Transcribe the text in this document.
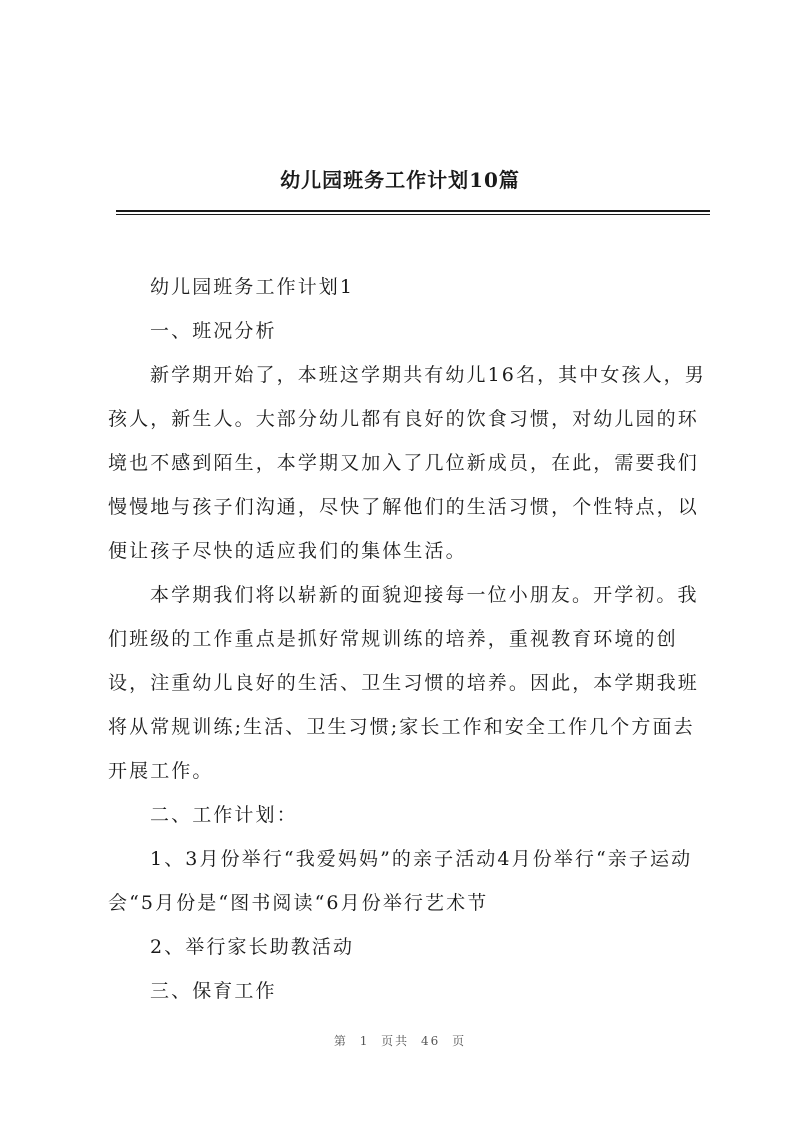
幼儿园班务工作计划10篇

幼儿园班务工作计划1

一、班况分析

新学期开始了，本班这学期共有幼儿16名，其中女孩人，男孩人，新生人。大部分幼儿都有良好的饮食习惯，对幼儿园的环境也不感到陌生，本学期又加入了几位新成员，在此，需要我们慢慢地与孩子们沟通，尽快了解他们的生活习惯，个性特点，以便让孩子尽快的适应我们的集体生活。

本学期我们将以崭新的面貌迎接每一位小朋友。开学初。我们班级的工作重点是抓好常规训练的培养，重视教育环境的创设，注重幼儿良好的生活、卫生习惯的培养。因此，本学期我班将从常规训练;生活、卫生习惯;家长工作和安全工作几个方面去开展工作。

二、工作计划：

1、3月份举行“我爱妈妈”的亲子活动4月份举行“亲子运动会“5月份是“图书阅读“6月份举行艺术节

2、举行家长助教活动

三、保育工作

第 1 页共 46 页
